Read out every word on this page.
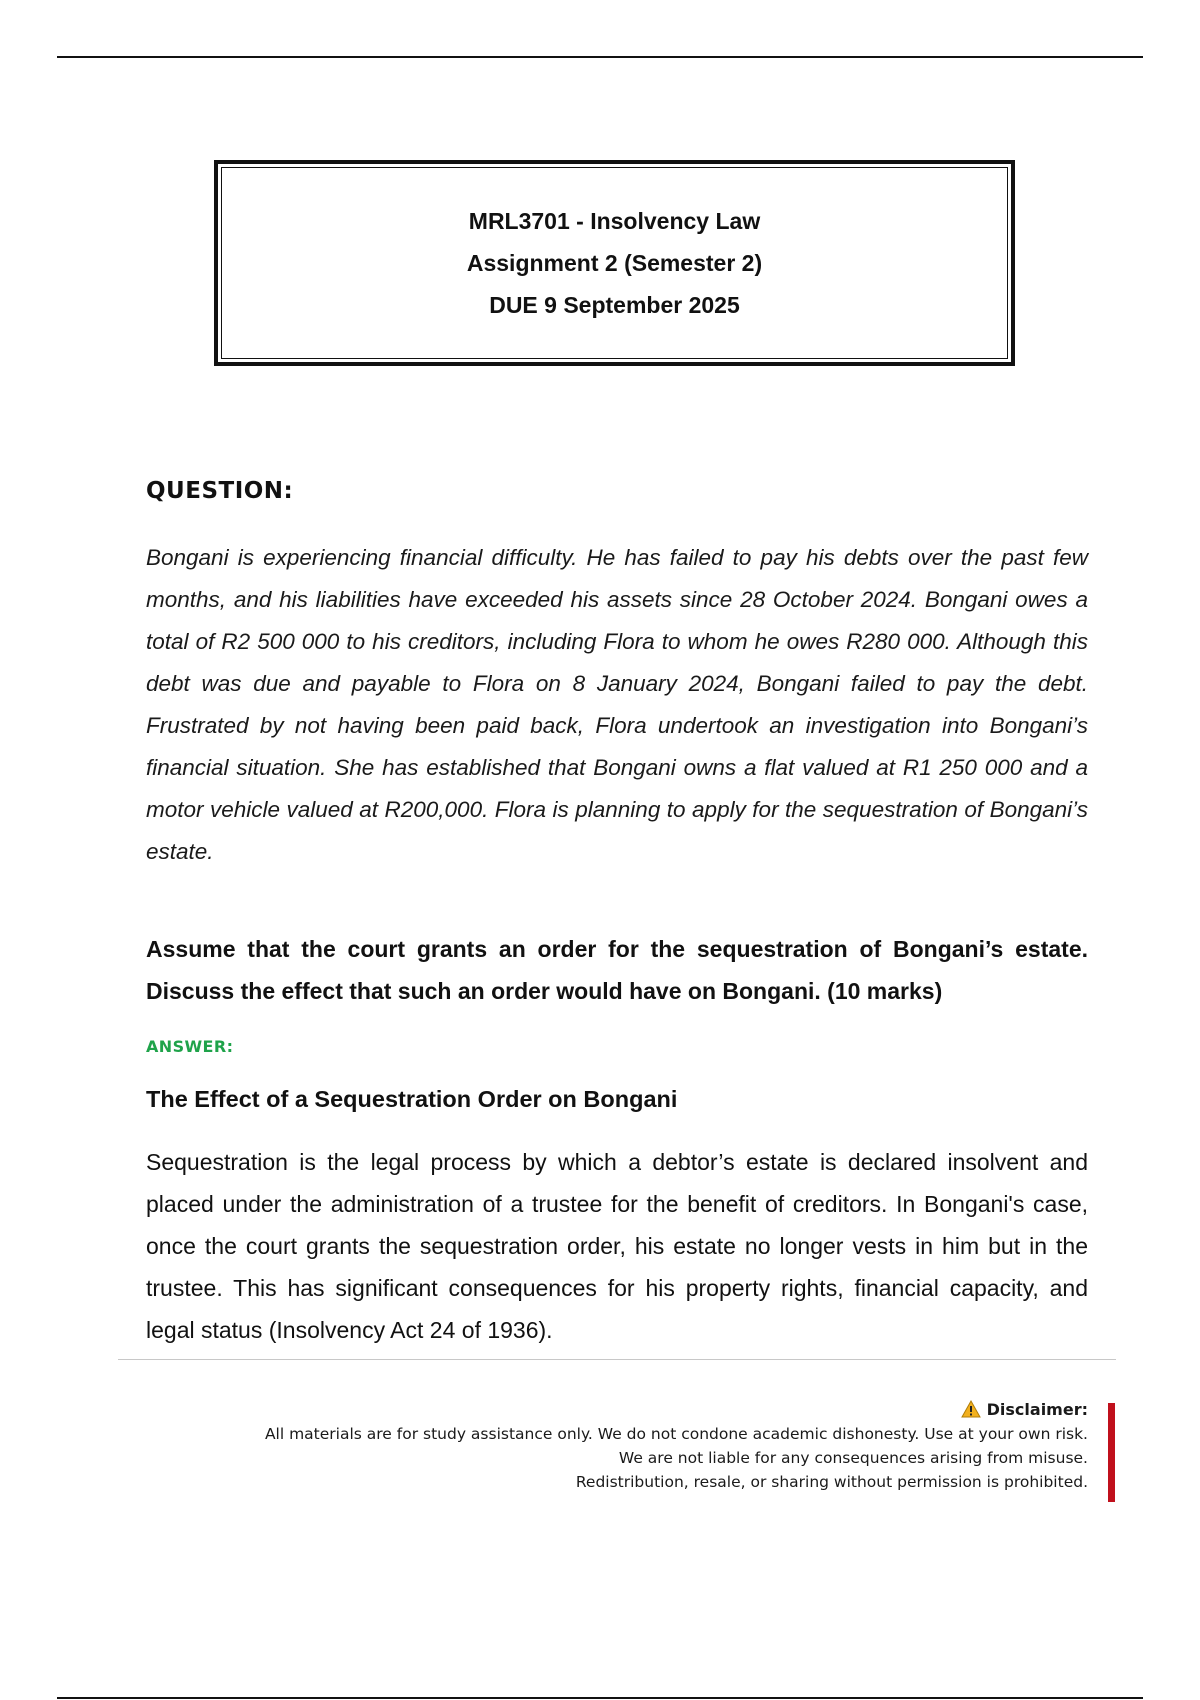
MRL3701 - Insolvency Law
Assignment 2 (Semester 2)
DUE 9 September 2025
QUESTION:
Bongani is experiencing financial difficulty. He has failed to pay his debts over the past few months, and his liabilities have exceeded his assets since 28 October 2024. Bongani owes a total of R2 500 000 to his creditors, including Flora to whom he owes R280 000. Although this debt was due and payable to Flora on 8 January 2024, Bongani failed to pay the debt. Frustrated by not having been paid back, Flora undertook an investigation into Bongani’s financial situation. She has established that Bongani owns a flat valued at R1 250 000 and a motor vehicle valued at R200,000. Flora is planning to apply for the sequestration of Bongani’s estate.
Assume that the court grants an order for the sequestration of Bongani’s estate. Discuss the effect that such an order would have on Bongani. (10 marks)
ANSWER:
The Effect of a Sequestration Order on Bongani
Sequestration is the legal process by which a debtor’s estate is declared insolvent and placed under the administration of a trustee for the benefit of creditors. In Bongani's case, once the court grants the sequestration order, his estate no longer vests in him but in the trustee. This has significant consequences for his property rights, financial capacity, and legal status (Insolvency Act 24 of 1936).
Disclaimer:
All materials are for study assistance only. We do not condone academic dishonesty. Use at your own risk.
We are not liable for any consequences arising from misuse.
Redistribution, resale, or sharing without permission is prohibited.
